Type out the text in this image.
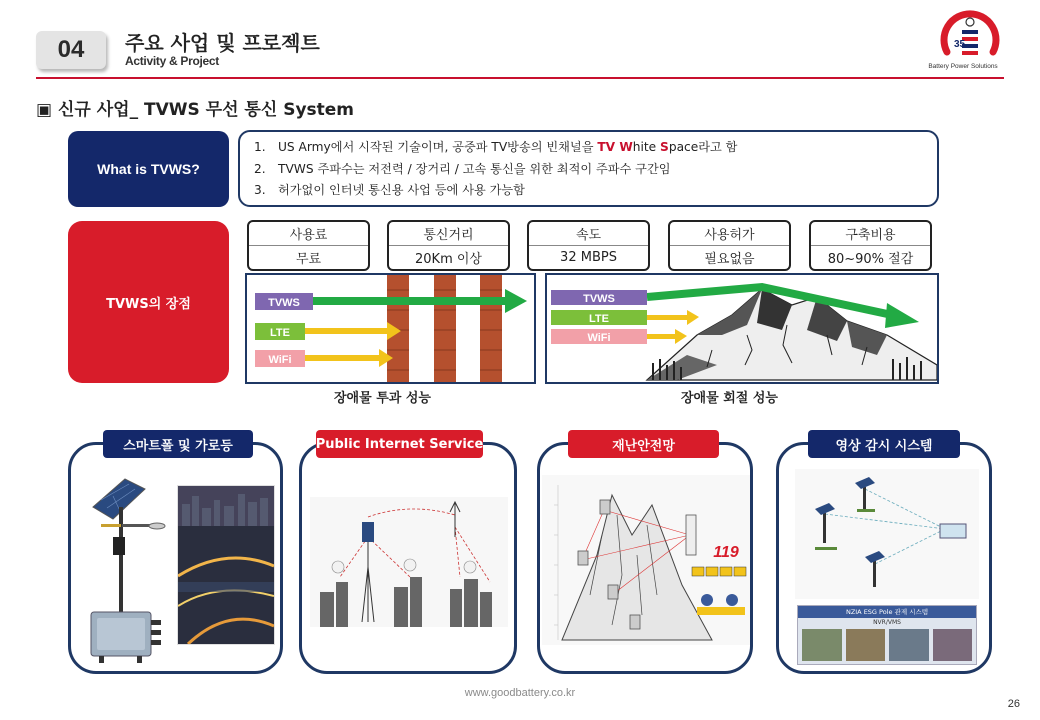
04	주요 사업 및 프로젝트
Activity & Project
35
Battery Power Solutions
▣ 신규 사업_ TVWS 무선 통신 System
What is TVWS?
1. US Army에서 시작된 기술이며, 공중파 TV방송의 빈채널을 TV White Space라고 함
2. TVWS 주파수는 저전력 / 장거리 / 고속 통신을 위한 최적이 주파수 구간임
3. 허가없이 인터넷 통신용 사업 등에 사용 가능함
TVWS의 장점
사용료
무료
통신거리
20Km 이상
속도
32 MBPS
사용허가
필요없음
구축비용
80~90% 절감
TVWS
LTE
WiFi
TVWS
LTE
WiFi
장애물 투과 성능	장애물 회절 성능
스마트폴 및 가로등	Public Internet Service
119
재난안전망
NZIA ESG Pole 관제 시스템
NVR/VMS
영상 감시 시스템
www.goodbattery.co.kr
26
